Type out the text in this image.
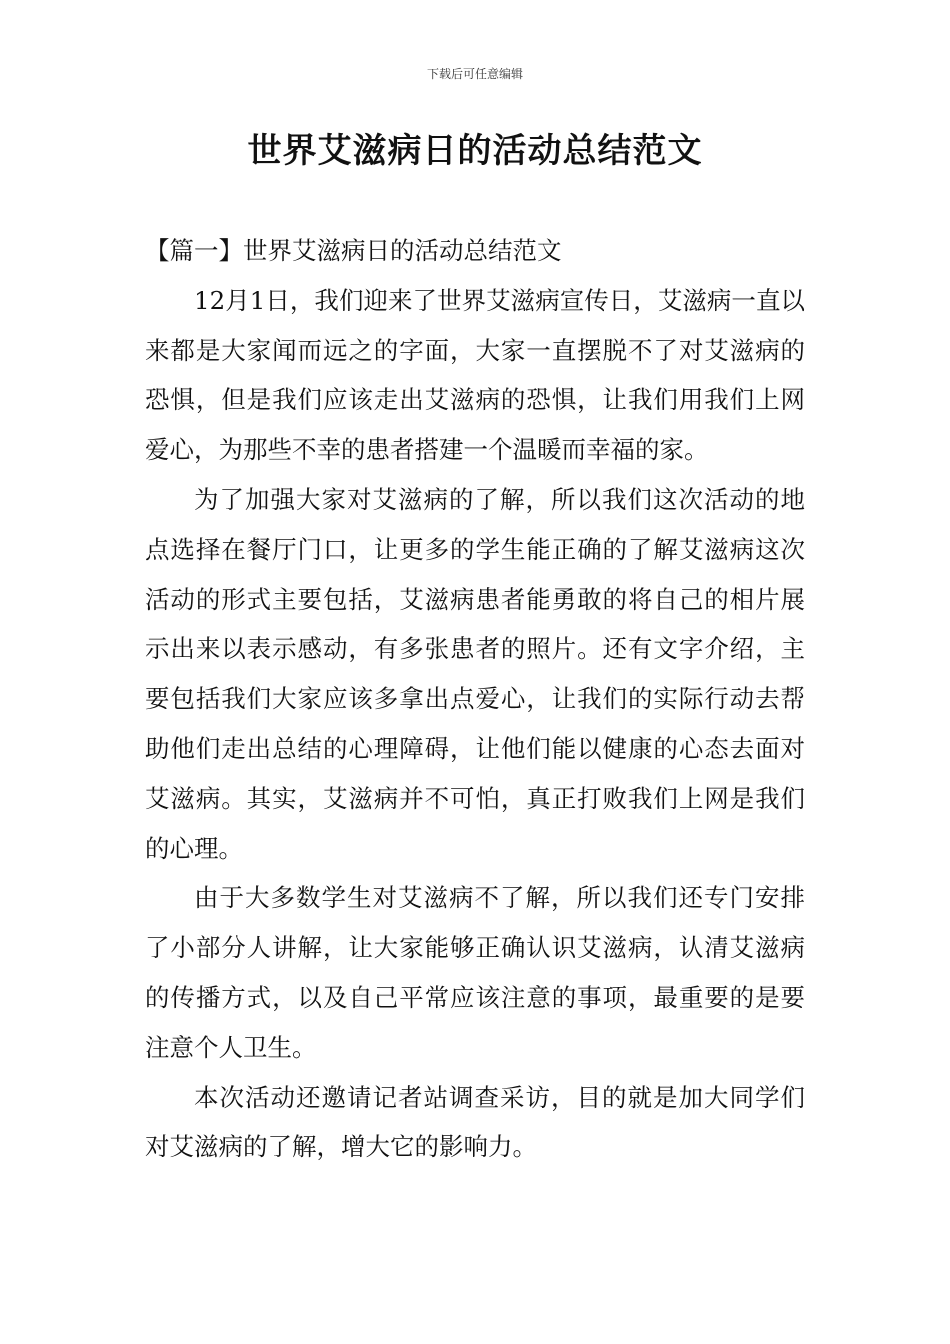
下载后可任意编辑
世界艾滋病日的活动总结范文

【篇一】世界艾滋病日的活动总结范文

12月1日，我们迎来了世界艾滋病宣传日，艾滋病一直以来都是大家闻而远之的字面，大家一直摆脱不了对艾滋病的恐惧，但是我们应该走出艾滋病的恐惧，让我们用我们上网爱心，为那些不幸的患者搭建一个温暖而幸福的家。

为了加强大家对艾滋病的了解，所以我们这次活动的地点选择在餐厅门口，让更多的学生能正确的了解艾滋病这次活动的形式主要包括，艾滋病患者能勇敢的将自己的相片展示出来以表示感动，有多张患者的照片。还有文字介绍，主要包括我们大家应该多拿出点爱心，让我们的实际行动去帮助他们走出总结的心理障碍，让他们能以健康的心态去面对艾滋病。其实，艾滋病并不可怕，真正打败我们上网是我们的心理。

由于大多数学生对艾滋病不了解，所以我们还专门安排了小部分人讲解，让大家能够正确认识艾滋病，认清艾滋病的传播方式，以及自己平常应该注意的事项，最重要的是要注意个人卫生。

本次活动还邀请记者站调查采访，目的就是加大同学们对艾滋病的了解，增大它的影响力。
